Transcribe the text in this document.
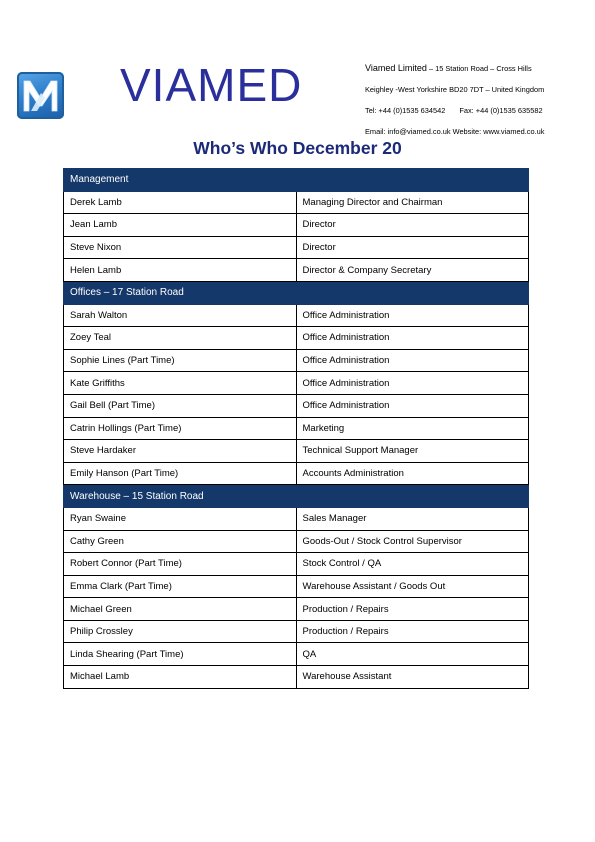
VIAMED	Viamed Limited – 15 Station Road – Cross Hills
Keighley -West Yorkshire BD20 7DT – United Kingdom
Tel: +44 (0)1535 634542 Fax: +44 (0)1535 635582
Email: info@viamed.co.uk Website: www.viamed.co.uk
Who’s Who December 20
Management	
Derek Lamb	Managing Director and Chairman
Jean Lamb	Director
Steve Nixon	Director
Helen Lamb	Director & Company Secretary
Offices – 17 Station Road	
Sarah Walton	Office Administration
Zoey Teal	Office Administration
Sophie Lines (Part Time)	Office Administration
Kate Griffiths	Office Administration
Gail Bell (Part Time)	Office Administration
Catrin Hollings (Part Time)	Marketing
Steve Hardaker	Technical Support Manager
Emily Hanson (Part Time)	Accounts Administration
Warehouse – 15 Station Road	
Ryan Swaine	Sales Manager
Cathy Green	Goods-Out / Stock Control Supervisor
Robert Connor (Part Time)	Stock Control / QA
Emma Clark (Part Time)	Warehouse Assistant / Goods Out
Michael Green	Production / Repairs
Philip Crossley	Production / Repairs
Linda Shearing (Part Time)	QA
Michael Lamb	Warehouse Assistant
